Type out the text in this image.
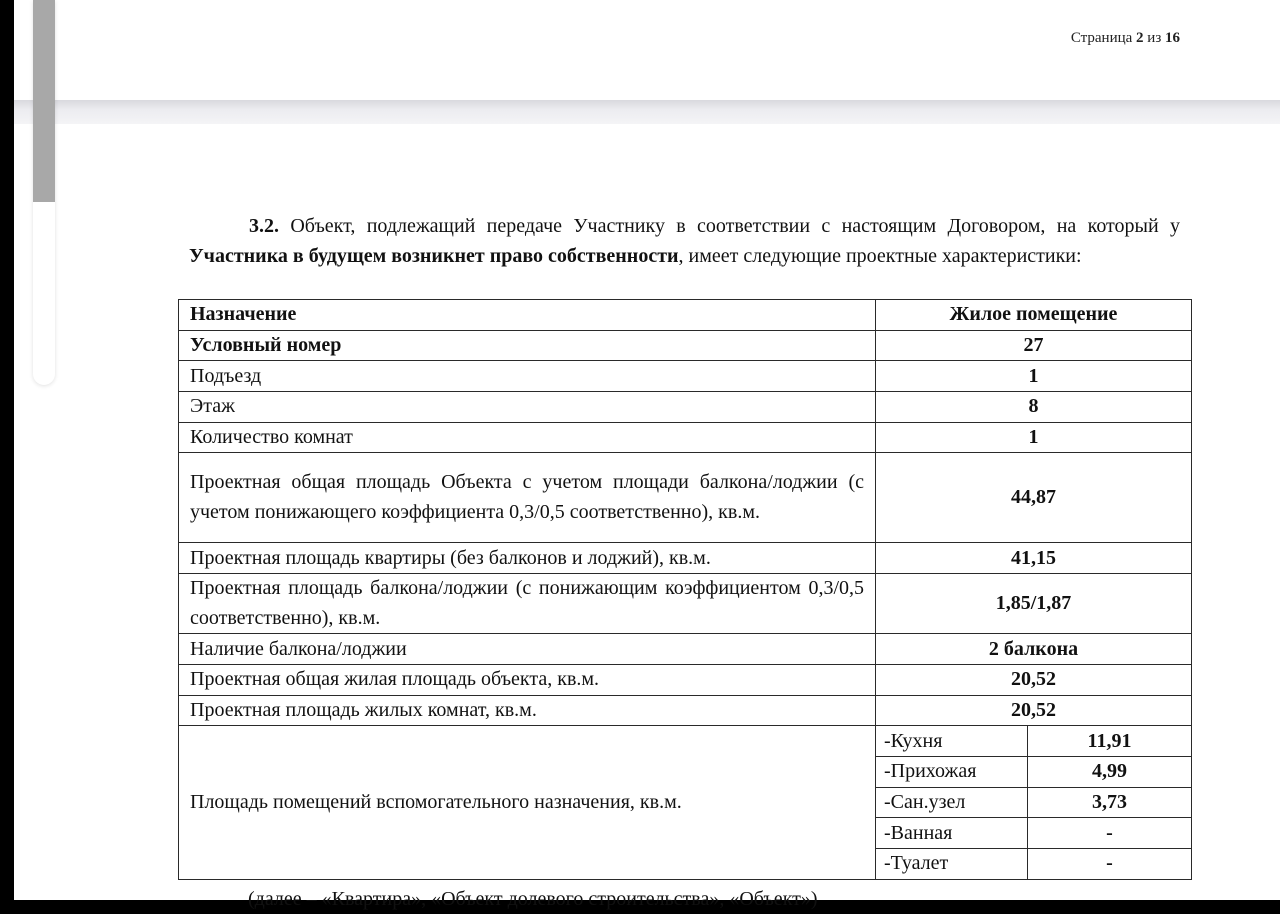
Страница 2 из 16
3.2. Объект, подлежащий передаче Участнику в соответствии с настоящим Договором, на который у Участника в будущем возникнет право собственности, имеет следующие проектные характеристики:
Назначение	Жилое помещение	
Условный номер	27	
Подъезд	1	
Этаж	8	
Количество комнат	1	
Проектная общая площадь Объекта с учетом площади балкона/лоджии (с учетом понижающего коэффициента 0,3/0,5 соответственно), кв.м.	44,87	
Проектная площадь квартиры (без балконов и лоджий), кв.м.	41,15	
Проектная площадь балкона/лоджии (с понижающим коэффициентом 0,3/0,5 соответственно), кв.м.	1,85/1,87	
Наличие балкона/лоджии	2 балкона	
Проектная общая жилая площадь объекта, кв.м.	20,52	
Проектная площадь жилых комнат, кв.м.	20,52	
Площадь помещений вспомогательного назначения, кв.м.	-Кухня	11,91
	-Прихожая	4,99
	-Сан.узел	3,73
	-Ванная	-
	-Туалет	-
(далее – «Квартира», «Объект долевого строительства», «Объект»)
